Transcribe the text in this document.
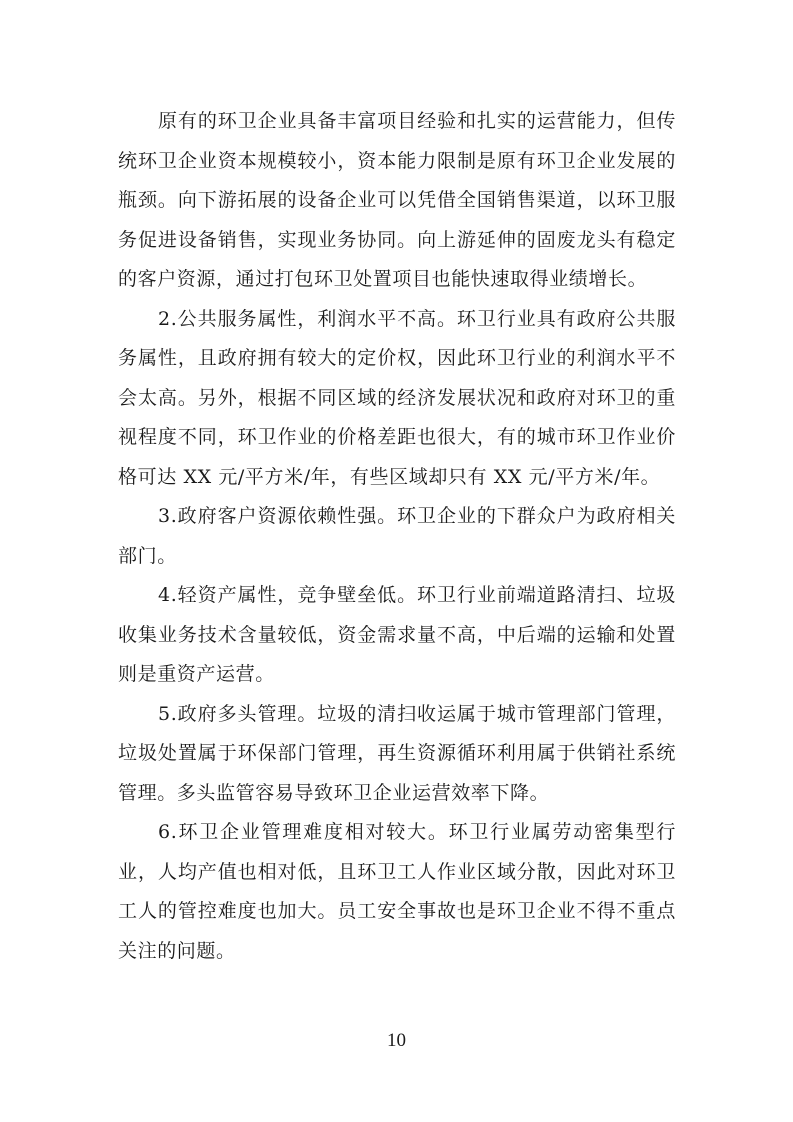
原有的环卫企业具备丰富项目经验和扎实的运营能力，但传统环卫企业资本规模较小，资本能力限制是原有环卫企业发展的瓶颈。向下游拓展的设备企业可以凭借全国销售渠道，以环卫服务促进设备销售，实现业务协同。向上游延伸的固废龙头有稳定的客户资源，通过打包环卫处置项目也能快速取得业绩增长。

2.公共服务属性，利润水平不高。环卫行业具有政府公共服务属性，且政府拥有较大的定价权，因此环卫行业的利润水平不会太高。另外，根据不同区域的经济发展状况和政府对环卫的重视程度不同，环卫作业的价格差距也很大，有的城市环卫作业价格可达 XX 元/平方米/年，有些区域却只有 XX 元/平方米/年。

3.政府客户资源依赖性强。环卫企业的下群众户为政府相关部门。

4.轻资产属性，竞争壁垒低。环卫行业前端道路清扫、垃圾收集业务技术含量较低，资金需求量不高，中后端的运输和处置则是重资产运营。

5.政府多头管理。垃圾的清扫收运属于城市管理部门管理，垃圾处置属于环保部门管理，再生资源循环利用属于供销社系统管理。多头监管容易导致环卫企业运营效率下降。

6.环卫企业管理难度相对较大。环卫行业属劳动密集型行业，人均产值也相对低，且环卫工人作业区域分散，因此对环卫工人的管控难度也加大。员工安全事故也是环卫企业不得不重点关注的问题。

10
